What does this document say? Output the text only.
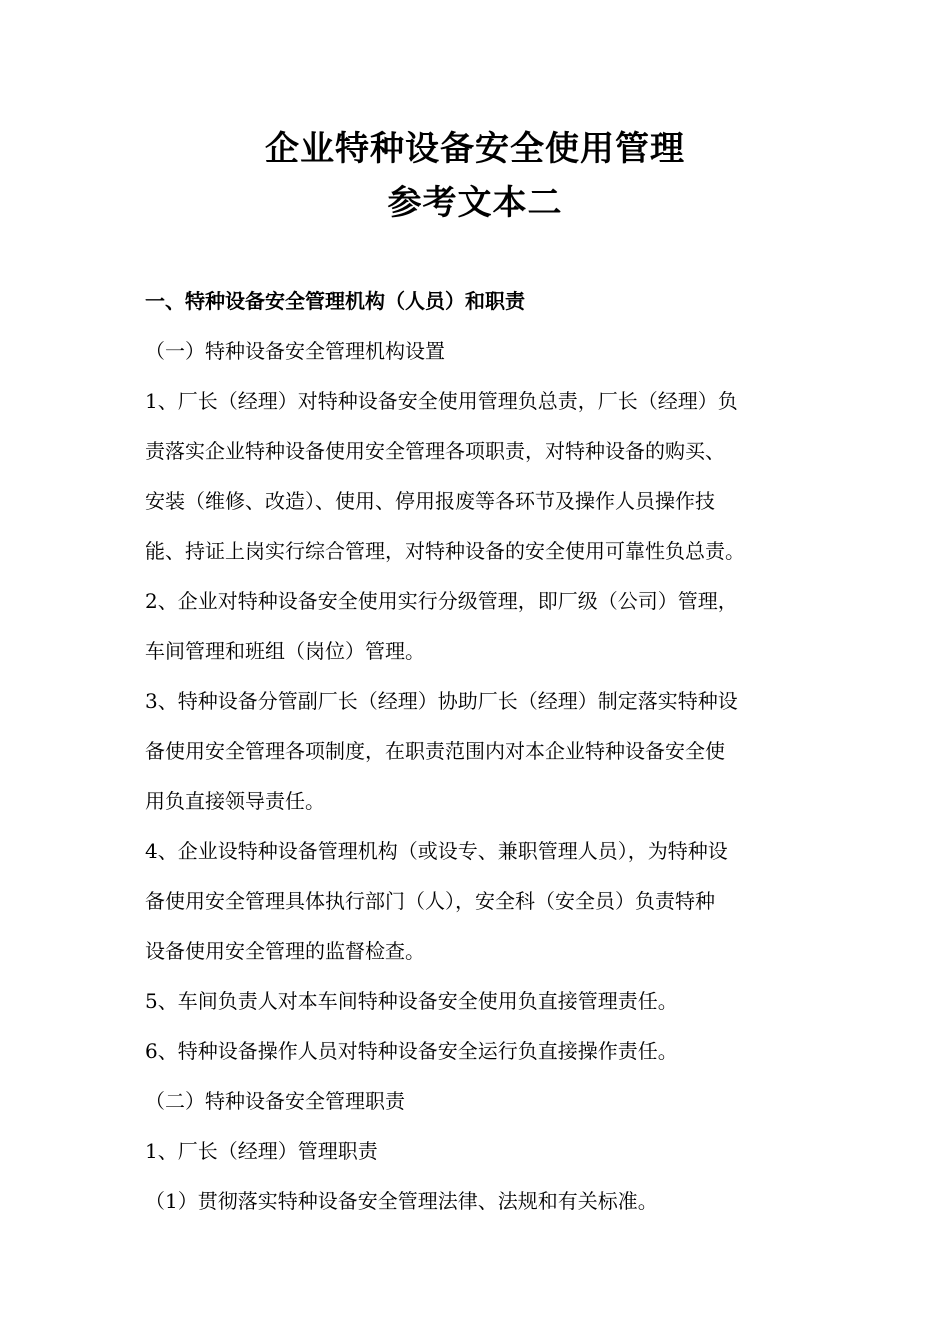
企业特种设备安全使用管理
参考文本二
一、特种设备安全管理机构（人员）和职责
（一）特种设备安全管理机构设置
1、厂长（经理）对特种设备安全使用管理负总责，厂长（经理）负
责落实企业特种设备使用安全管理各项职责，对特种设备的购买、
安装（维修、改造）、使用、停用报废等各环节及操作人员操作技
能、持证上岗实行综合管理，对特种设备的安全使用可靠性负总责。
2、企业对特种设备安全使用实行分级管理，即厂级（公司）管理，
车间管理和班组（岗位）管理。
3、特种设备分管副厂长（经理）协助厂长（经理）制定落实特种设
备使用安全管理各项制度，在职责范围内对本企业特种设备安全使
用负直接领导责任。
4、企业设特种设备管理机构（或设专、兼职管理人员），为特种设
备使用安全管理具体执行部门（人），安全科（安全员）负责特种
设备使用安全管理的监督检查。
5、车间负责人对本车间特种设备安全使用负直接管理责任。
6、特种设备操作人员对特种设备安全运行负直接操作责任。
（二）特种设备安全管理职责
1、厂长（经理）管理职责
（1）贯彻落实特种设备安全管理法律、法规和有关标准。
